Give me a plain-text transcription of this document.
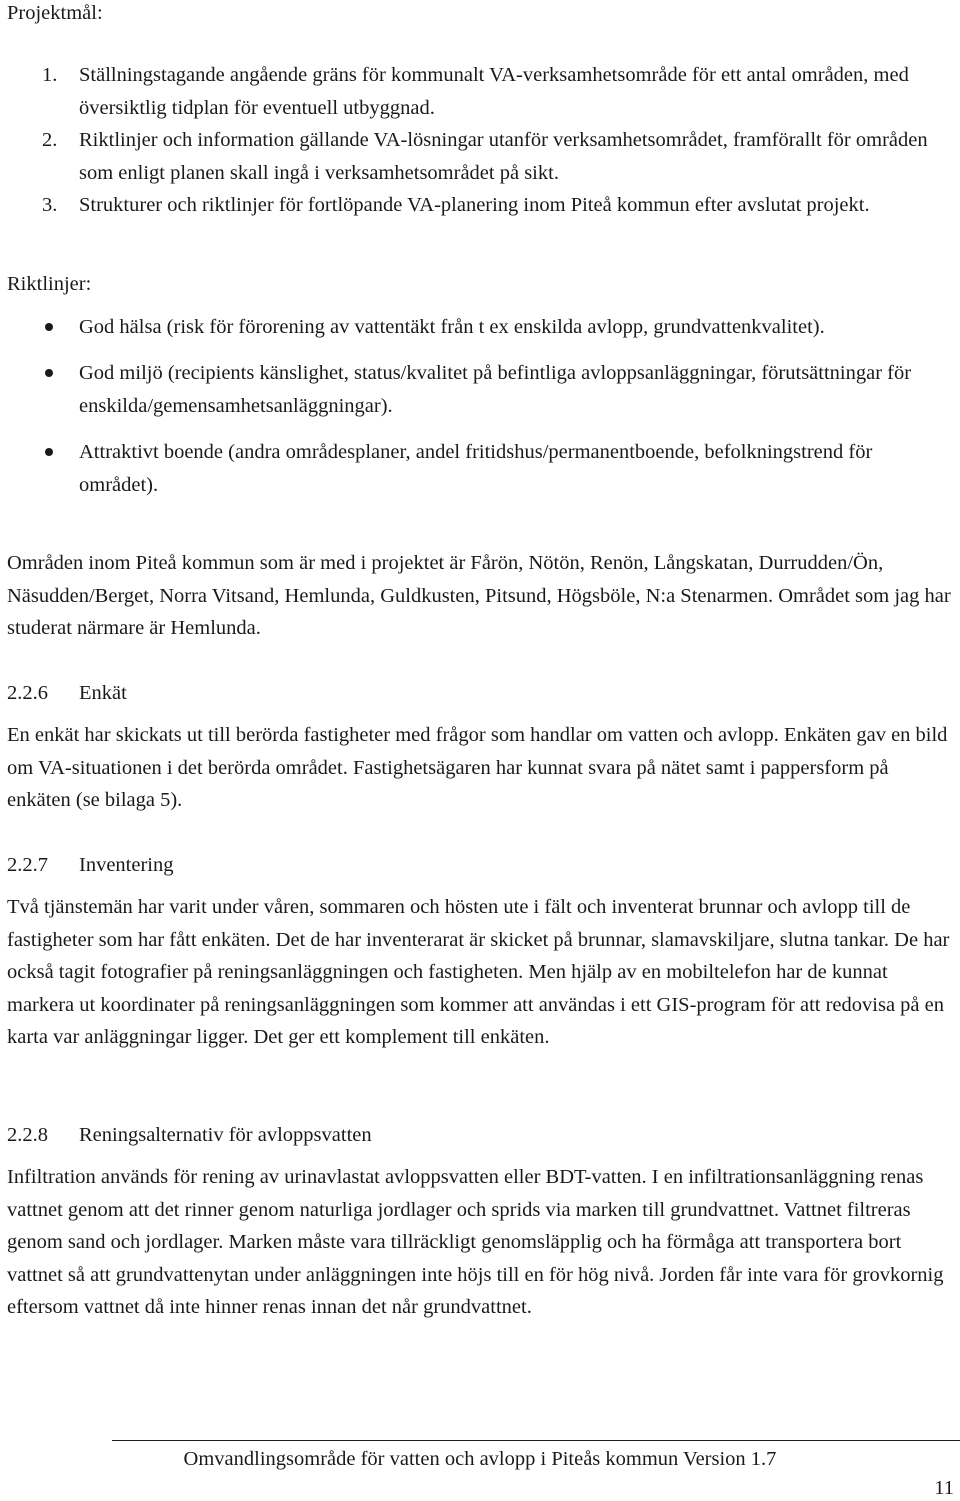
Projektmål:

1. Ställningstagande angående gräns för kommunalt VA-verksamhetsområde för ett antal områden, med översiktlig tidplan för eventuell utbyggnad.
2. Riktlinjer och information gällande VA-lösningar utanför verksamhetsområdet, framförallt för områden som enligt planen skall ingå i verksamhetsområdet på sikt.
3. Strukturer och riktlinjer för fortlöpande VA-planering inom Piteå kommun efter avslutat projekt.

Riktlinjer:

God hälsa (risk för förorening av vattentäkt från t ex enskilda avlopp, grundvattenkvalitet).
God miljö (recipients känslighet, status/kvalitet på befintliga avloppsanläggningar, förutsättningar för enskilda/gemensamhetsanläggningar).
Attraktivt boende (andra områdesplaner, andel fritidshus/permanentboende, befolkningstrend för området).

Områden inom Piteå kommun som är med i projektet är Fårön, Nötön, Renön, Långskatan, Durrudden/Ön, Näsudden/Berget, Norra Vitsand, Hemlunda, Guldkusten, Pitsund, Högsböle, N:a Stenarmen. Området som jag har studerat närmare är Hemlunda.

2.2.6 Enkät

En enkät har skickats ut till berörda fastigheter med frågor som handlar om vatten och avlopp. Enkäten gav en bild om VA-situationen i det berörda området. Fastighetsägaren har kunnat svara på nätet samt i pappersform på enkäten (se bilaga 5).

2.2.7 Inventering

Två tjänstemän har varit under våren, sommaren och hösten ute i fält och inventerat brunnar och avlopp till de fastigheter som har fått enkäten. Det de har inventerarat är skicket på brunnar, slamavskiljare, slutna tankar. De har också tagit fotografier på reningsanläggningen och fastigheten. Men hjälp av en mobiltelefon har de kunnat markera ut koordinater på reningsanläggningen som kommer att användas i ett GIS-program för att redovisa på en karta var anläggningar ligger. Det ger ett komplement till enkäten.

2.2.8 Reningsalternativ för avloppsvatten

Infiltration används för rening av urinavlastat avloppsvatten eller BDT-vatten. I en infiltrationsanläggning renas vattnet genom att det rinner genom naturliga jordlager och sprids via marken till grundvattnet. Vattnet filtreras genom sand och jordlager. Marken måste vara tillräckligt genomsläpplig och ha förmåga att transportera bort vattnet så att grundvattenytan under anläggningen inte höjs till en för hög nivå. Jorden får inte vara för grovkornig eftersom vattnet då inte hinner renas innan det når grundvattnet.

Omvandlingsområde för vatten och avlopp i Piteås kommun Version 1.7
11
